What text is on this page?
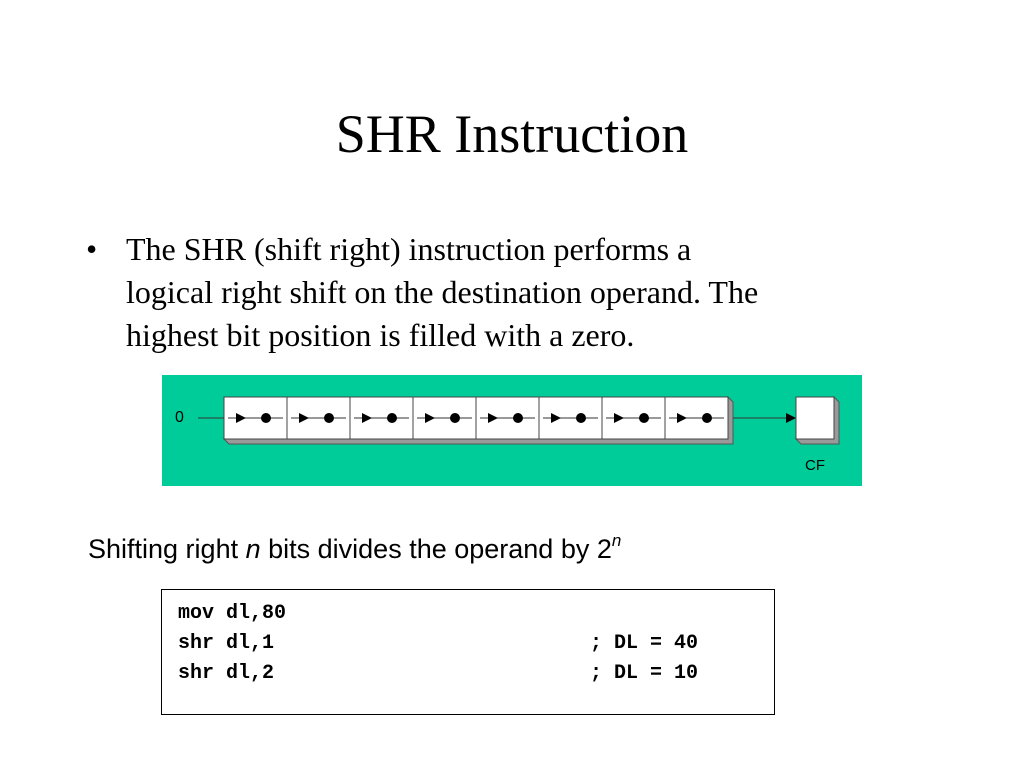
SHR Instruction
• The SHR (shift right) instruction performs a
logical right shift on the destination operand. The
highest bit position is filled with a zero.
0
CF
Shifting right n bits divides the operand by 2$^n$
mov dl,80
shr dl,1	; DL = 40
shr dl,2	; DL = 10
